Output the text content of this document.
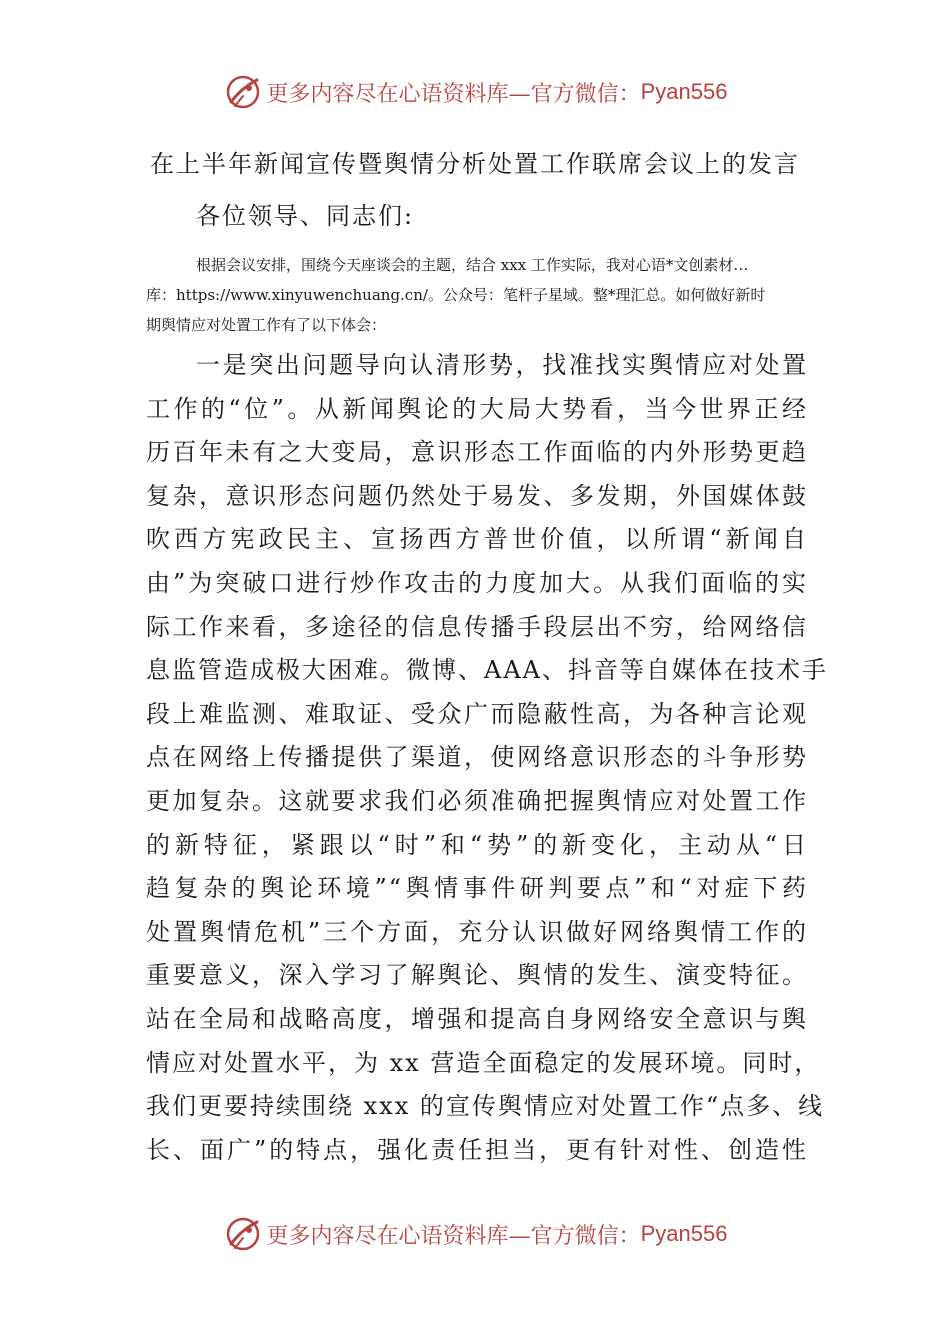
更多内容尽在心语资料库 —官方微信： Pyan556
在上半年新闻宣传暨舆情分析处置工作联席会议上的发言
各位领导、同志们:
根据会议安排，围绕今天座谈会的主题，结合 xxx 工作实际，我对心语*文创素材…
库：https://www.xinyuwenchuang.cn/。公众号：笔杆子星域。整*理汇总。如何做好新时
期舆情应对处置工作有了以下体会：
一是突出问题导向认清形势，找准找实舆情应对处置
工作的“位”。从新闻舆论的大局大势看，当今世界正经
历百年未有之大变局，意识形态工作面临的内外形势更趋
复杂，意识形态问题仍然处于易发、多发期，外国媒体鼓
吹西方宪政民主、宣扬西方普世价值，以所谓“新闻自
由”为突破口进行炒作攻击的力度加大。从我们面临的实
际工作来看，多途径的信息传播手段层出不穷，给网络信
息监管造成极大困难。微博、AAA、抖音等自媒体在技术手
段上难监测、难取证、受众广而隐蔽性高，为各种言论观
点在网络上传播提供了渠道，使网络意识形态的斗争形势
更加复杂。这就要求我们必须准确把握舆情应对处置工作
的新特征，紧跟以“时”和“势”的新变化，主动从“日
趋复杂的舆论环境”“舆情事件研判要点”和“对症下药
处置舆情危机”三个方面，充分认识做好网络舆情工作的
重要意义，深入学习了解舆论、舆情的发生、演变特征。
站在全局和战略高度，增强和提高自身网络安全意识与舆
情应对处置水平，为 xx 营造全面稳定的发展环境。同时，
我们更要持续围绕 xxx 的宣传舆情应对处置工作“点多、线
长、面广”的特点，强化责任担当，更有针对性、创造性
更多内容尽在心语资料库 —官方微信： Pyan556
